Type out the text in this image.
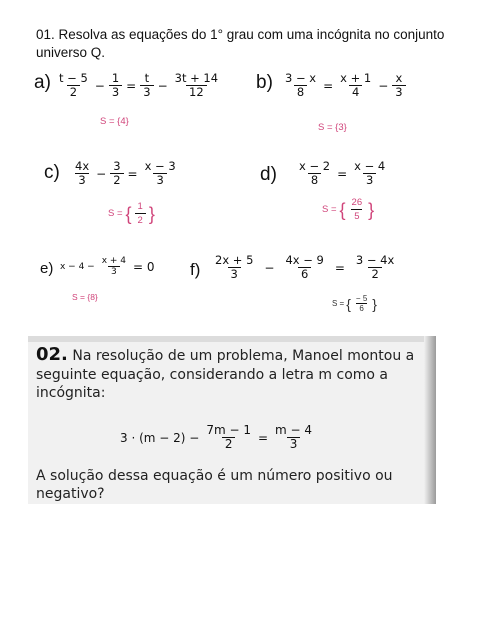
01. Resolva as equações do 1° grau com uma incógnita no conjunto universo Q.
$a) \frac{t - 5}{2} - \frac{1}{3} = \frac{t}{3} - \frac{3t + 14}{12}$
S = {4}
$b) \frac{3 - x}{8} = \frac{x + 1}{4} - \frac{x}{3}$
S = {3}
$c) \frac{4x}{3} - \frac{3}{2} = \frac{x - 3}{3}$
S = { $\frac{1}{2}$ }
$d) \frac{x - 2}{8} = \frac{x - 4}{3}$
S = { $\frac{26}{5}$ }
e) $x - 4 - \frac{x + 4}{3} = 0$
S = {8}
$f) \frac{2x + 5}{3} - \frac{4x - 9}{6} = \frac{3 - 4x}{2}$
S = { $\frac{- 5}{6}$ }
02. Na resolução de um problema, Manoel montou a seguinte equação, considerando a letra m como a incógnita:
$3 \cdot (m - 2) - \frac{7m - 1}{2} = \frac{m - 4}{3}$
A solução dessa equação é um número positivo ou negativo?
